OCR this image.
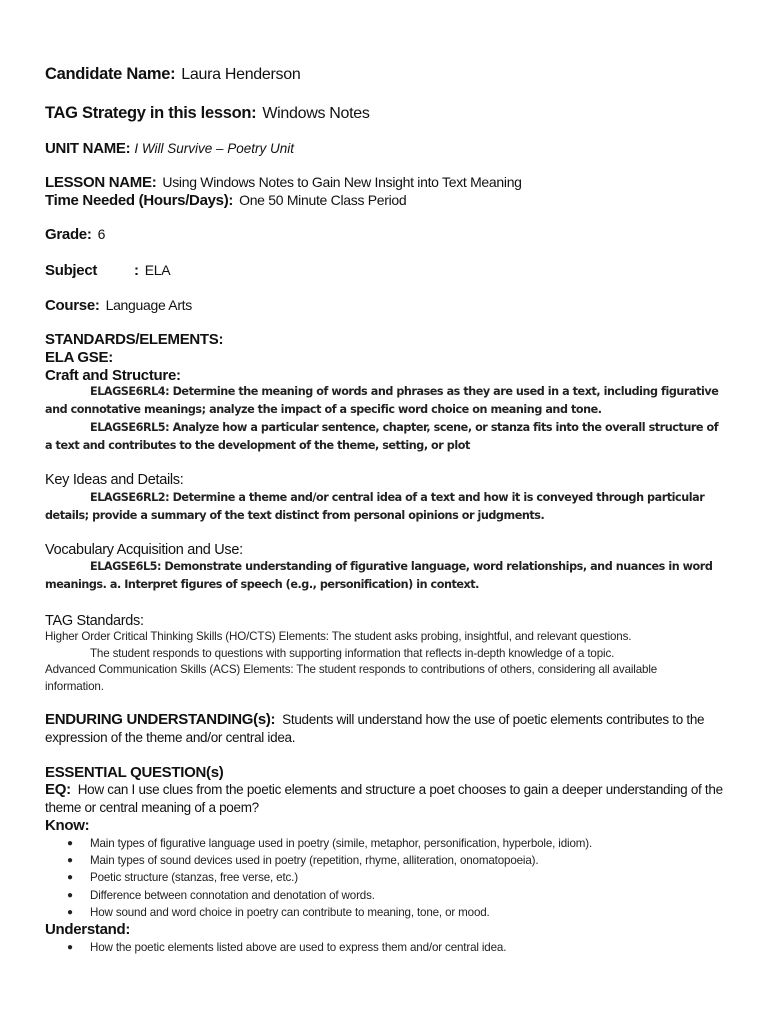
Candidate Name: Laura Henderson
TAG Strategy in this lesson: Windows Notes
UNIT NAME: I Will Survive – Poetry Unit
LESSON NAME: Using Windows Notes to Gain New Insight into Text Meaning
Time Needed (Hours/Days): One 50 Minute Class Period
Grade: 6
Subject : ELA
Course: Language Arts
STANDARDS/ELEMENTS:
ELA GSE:
Craft and Structure:
ELAGSE6RL4: Determine the meaning of words and phrases as they are used in a text, including figurative and connotative meanings; analyze the impact of a specific word choice on meaning and tone.
ELAGSE6RL5: Analyze how a particular sentence, chapter, scene, or stanza fits into the overall structure of a text and contributes to the development of the theme, setting, or plot
Key Ideas and Details:
ELAGSE6RL2: Determine a theme and/or central idea of a text and how it is conveyed through particular details; provide a summary of the text distinct from personal opinions or judgments.
Vocabulary Acquisition and Use:
ELAGSE6L5: Demonstrate understanding of figurative language, word relationships, and nuances in word meanings. a. Interpret figures of speech (e.g., personification) in context.
TAG Standards:
Higher Order Critical Thinking Skills (HO/CTS) Elements: The student asks probing, insightful, and relevant questions.
The student responds to questions with supporting information that reflects in-depth knowledge of a topic.
Advanced Communication Skills (ACS) Elements: The student responds to contributions of others, considering all available information.
ENDURING UNDERSTANDING(s): Students will understand how the use of poetic elements contributes to the expression of the theme and/or central idea.
ESSENTIAL QUESTION(s)
EQ: How can I use clues from the poetic elements and structure a poet chooses to gain a deeper understanding of the theme or central meaning of a poem?
Know:
● Main types of figurative language used in poetry (simile, metaphor, personification, hyperbole, idiom).
● Main types of sound devices used in poetry (repetition, rhyme, alliteration, onomatopoeia).
● Poetic structure (stanzas, free verse, etc.)
● Difference between connotation and denotation of words.
● How sound and word choice in poetry can contribute to meaning, tone, or mood.
Understand:
● How the poetic elements listed above are used to express them and/or central idea.
